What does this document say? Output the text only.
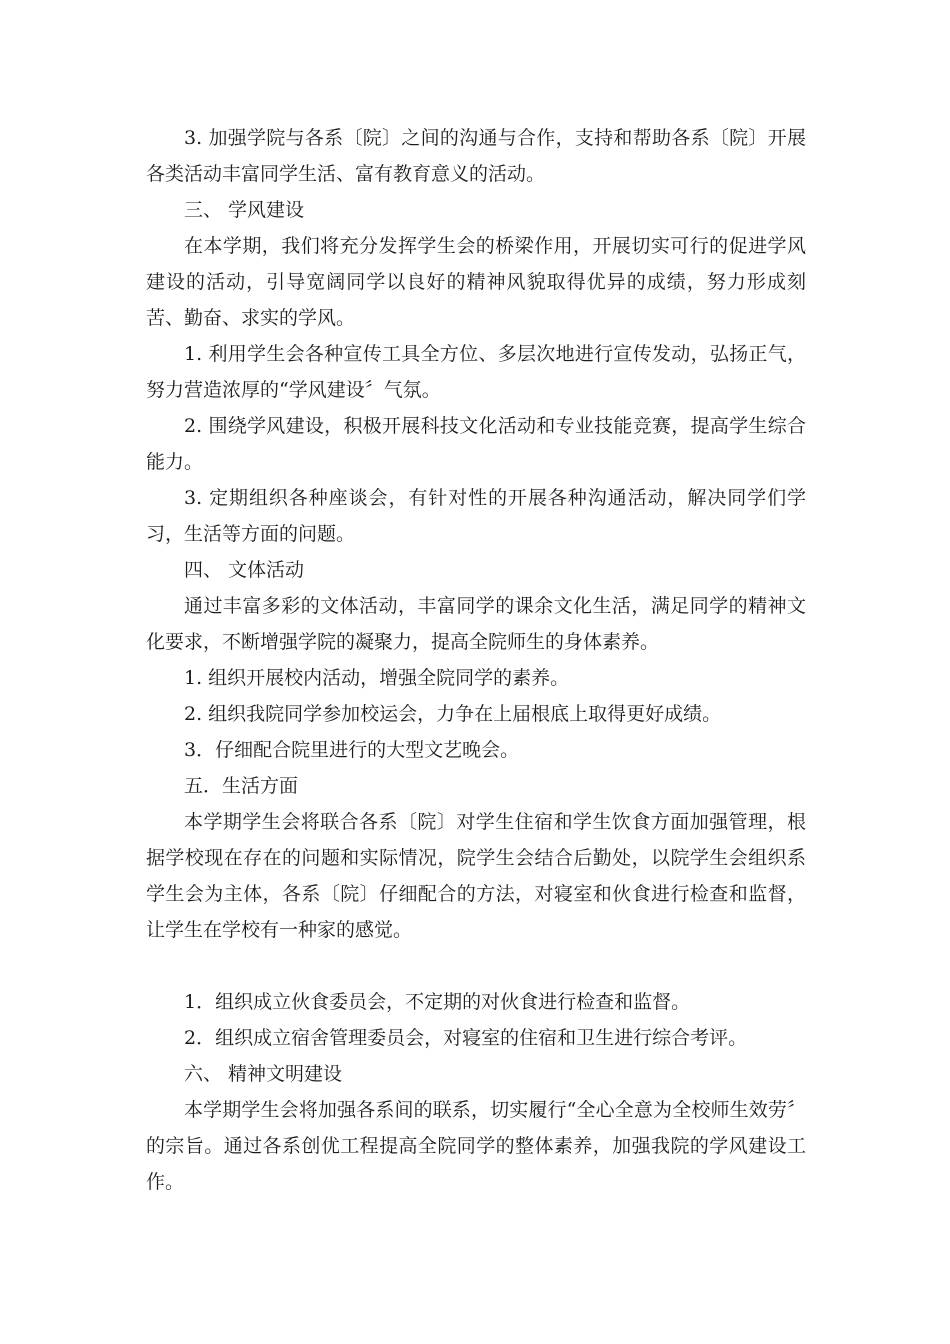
3. 加强学院与各系〔院〕之间的沟通与合作，支持和帮助各系〔院〕开展各类活动丰富同学生活、富有教育意义的活动。

三、 学风建设

在本学期，我们将充分发挥学生会的桥梁作用，开展切实可行的促进学风建设的活动，引导宽阔同学以良好的精神风貌取得优异的成绩，努力形成刻苦、勤奋、求实的学风。

1. 利用学生会各种宣传工具全方位、多层次地进行宣传发动，弘扬正气，努力营造浓厚的“学风建设〞气氛。

2. 围绕学风建设，积极开展科技文化活动和专业技能竞赛，提高学生综合能力。

3. 定期组织各种座谈会，有针对性的开展各种沟通活动，解决同学们学习，生活等方面的问题。

四、 文体活动

通过丰富多彩的文体活动，丰富同学的课余文化生活，满足同学的精神文化要求，不断增强学院的凝聚力，提高全院师生的身体素养。

1. 组织开展校内活动，增强全院同学的素养。

2. 组织我院同学参加校运会，力争在上届根底上取得更好成绩。

3．仔细配合院里进行的大型文艺晚会。

五．生活方面

本学期学生会将联合各系〔院〕对学生住宿和学生饮食方面加强管理，根据学校现在存在的问题和实际情况，院学生会结合后勤处，以院学生会组织系学生会为主体，各系〔院〕仔细配合的方法，对寝室和伙食进行检查和监督，让学生在学校有一种家的感觉。

1．组织成立伙食委员会，不定期的对伙食进行检查和监督。

2．组织成立宿舍管理委员会，对寝室的住宿和卫生进行综合考评。

六、 精神文明建设

本学期学生会将加强各系间的联系，切实履行“全心全意为全校师生效劳〞的宗旨。通过各系创优工程提高全院同学的整体素养，加强我院的学风建设工作。
